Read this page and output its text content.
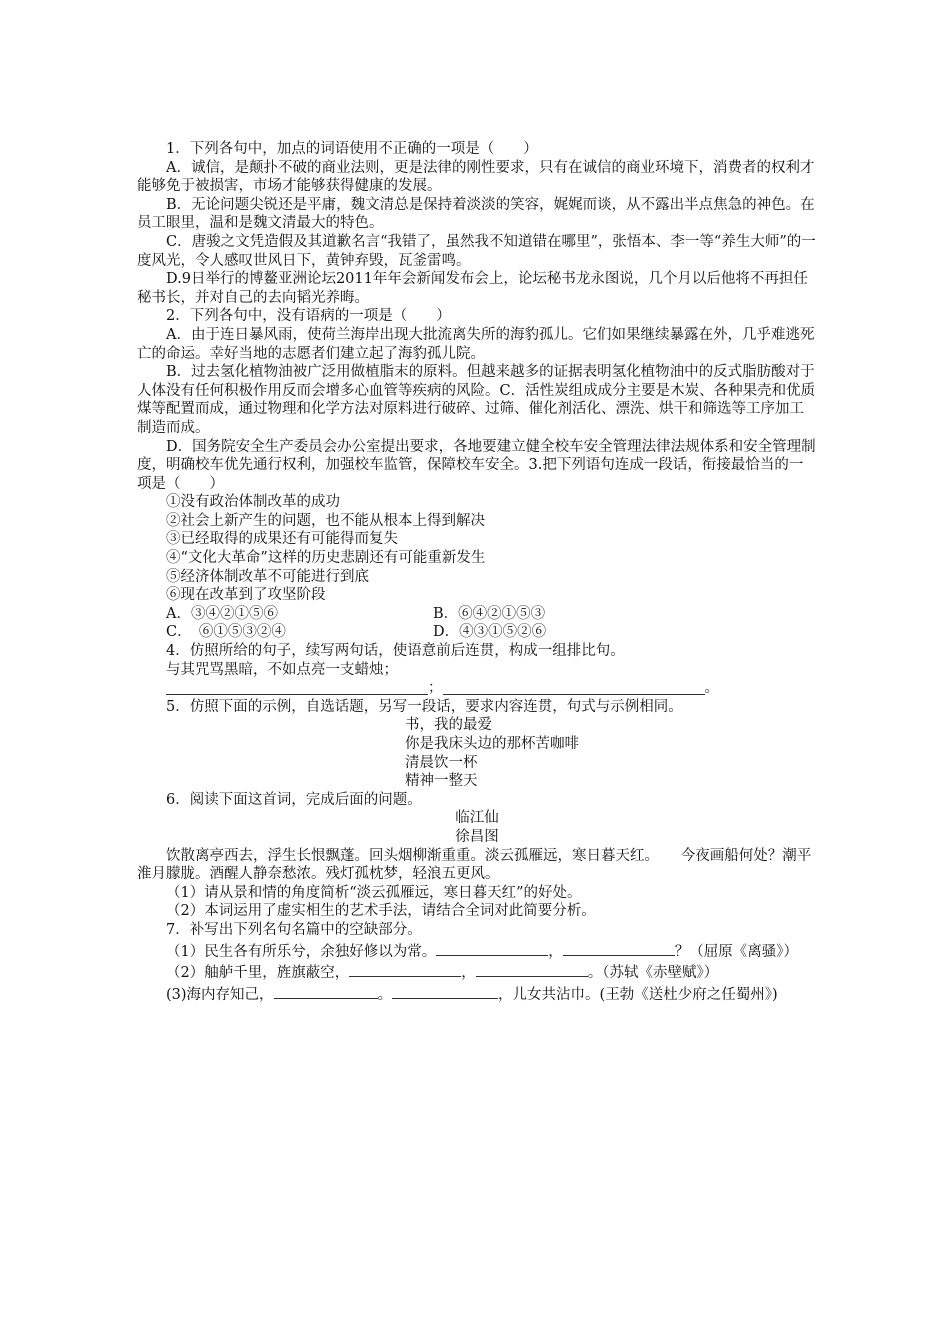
1．下列各句中，加点的词语使用不正确的一项是（　　）

A．诚信，是颠扑不破的商业法则，更是法律的刚性要求，只有在诚信的商业环境下，消费者的权利才能够免于被损害，市场才能够获得健康的发展。

B．无论问题尖锐还是平庸，魏文清总是保持着淡淡的笑容，娓娓而谈，从不露出半点焦急的神色。在员工眼里，温和是魏文清最大的特色。

C．唐骏之文凭造假及其道歉名言“我错了，虽然我不知道错在哪里”，张悟本、李一等“养生大师”的一度风光，令人感叹世风日下，黄钟弃毁，瓦釜雷鸣。

D.9日举行的博鳌亚洲论坛2011年年会新闻发布会上，论坛秘书龙永图说，几个月以后他将不再担任秘书长，并对自己的去向韬光养晦。

2．下列各句中，没有语病的一项是（　　）

A．由于连日暴风雨，使荷兰海岸出现大批流离失所的海豹孤儿。它们如果继续暴露在外，几乎难逃死亡的命运。幸好当地的志愿者们建立起了海豹孤儿院。

B．过去氢化植物油被广泛用做植脂末的原料。但越来越多的证据表明氢化植物油中的反式脂肪酸对于人体没有任何积极作用反而会增多心血管等疾病的风险。C．活性炭组成成分主要是木炭、各种果壳和优质煤等配置而成，通过物理和化学方法对原料进行破碎、过筛、催化剂活化、漂洗、烘干和筛选等工序加工制造而成。

D．国务院安全生产委员会办公室提出要求，各地要建立健全校车安全管理法律法规体系和安全管理制度，明确校车优先通行权利，加强校车监管，保障校车安全。3.把下列语句连成一段话，衔接最恰当的一项是（　　）

①没有政治体制改革的成功

②社会上新产生的问题，也不能从根本上得到解决

③已经取得的成果还有可能得而复失

④“文化大革命”这样的历史悲剧还有可能重新发生

⑤经济体制改革不可能进行到底

⑥现在改革到了攻坚阶段

A．③④②①⑤⑥	B．⑥④②①⑤③
C．　⑥①⑤③②④	D．④③①⑤②⑥

4．仿照所给的句子，续写两句话，使语意前后连贯，构成一组排比句。

与其咒骂黑暗，不如点亮一支蜡烛；

；	。

5．仿照下面的示例，自选话题，另写一段话，要求内容连贯，句式与示例相同。

书，我的最爱

你是我床头边的那杯苦咖啡

清晨饮一杯

精神一整天

6．阅读下面这首词，完成后面的问题。

临江仙

徐昌图

饮散离亭西去，浮生长恨飘蓬。回头烟柳渐重重。淡云孤雁远，寒日暮天红。　　今夜画船何处？潮平淮月朦胧。酒醒人静奈愁浓。残灯孤枕梦，轻浪五更风。

（1）请从景和情的角度简析“淡云孤雁远，寒日暮天红”的好处。

（2）本词运用了虚实相生的艺术手法，请结合全词对此简要分析。

7．补写出下列名句名篇中的空缺部分。

（1）民生各有所乐兮，余独好修以为常。	，	？（屈原《离骚》）

（2）舳舻千里，旌旗蔽空，	，	。（苏轼《赤壁赋》）

(3)海内存知己，	。	，儿女共沾巾。(王勃《送杜少府之任蜀州》)
